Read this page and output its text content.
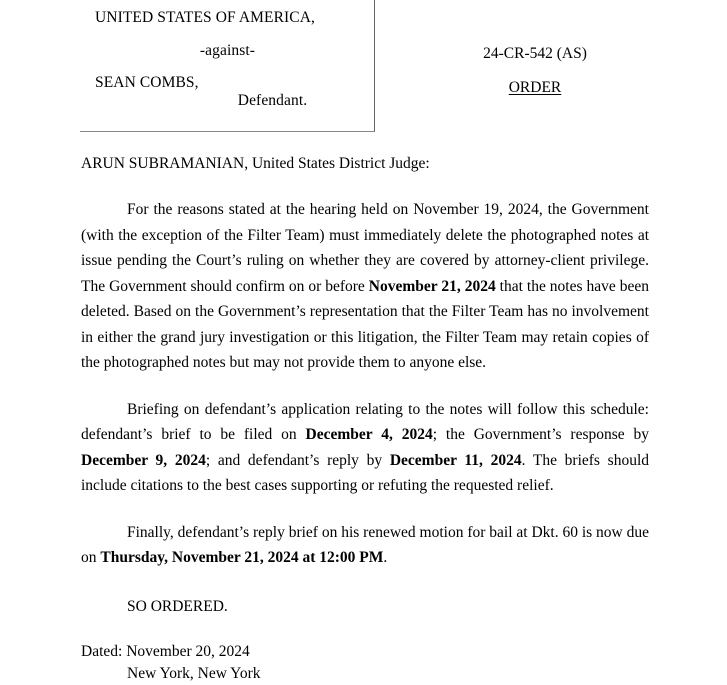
UNITED STATES OF AMERICA,
-against-
SEAN COMBS,
Defendant.
24-CR-542 (AS)
ORDER
ARUN SUBRAMANIAN, United States District Judge:

For the reasons stated at the hearing held on November 19, 2024, the Government (with the exception of the Filter Team) must immediately delete the photographed notes at issue pending the Court’s ruling on whether they are covered by attorney-client privilege. The Government should confirm on or before November 21, 2024 that the notes have been deleted. Based on the Government’s representation that the Filter Team has no involvement in either the grand jury investigation or this litigation, the Filter Team may retain copies of the photographed notes but may not provide them to anyone else.

Briefing on defendant’s application relating to the notes will follow this schedule: defendant’s brief to be filed on December 4, 2024; the Government’s response by December 9, 2024; and defendant’s reply by December 11, 2024. The briefs should include citations to the best cases supporting or refuting the requested relief.

Finally, defendant’s reply brief on his renewed motion for bail at Dkt. 60 is now due on Thursday, November 21, 2024 at 12:00 PM.

SO ORDERED.

Dated: November 20, 2024

New York, New York
